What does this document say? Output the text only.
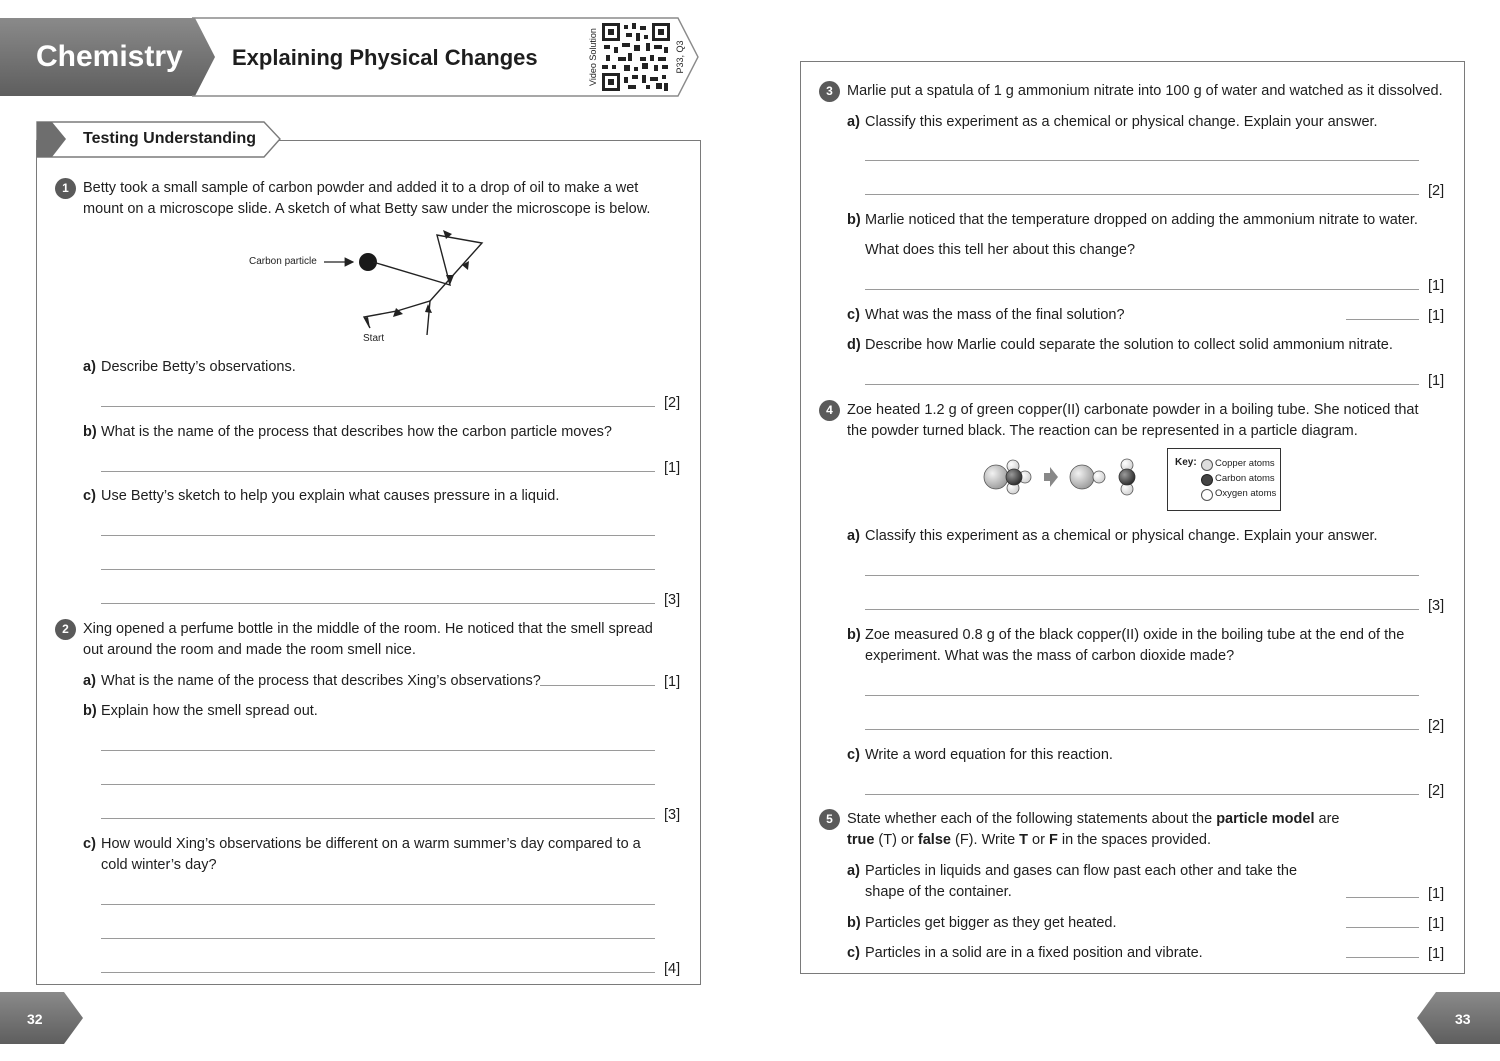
Chemistry Explaining Physical Changes	Video Solution	P33, Q3
Testing Understanding
1 Betty took a small sample of carbon powder and added it to a drop of oil to make a wet
mount on a microscope slide. A sketch of what Betty saw under the microscope is below.
Carbon particle
Start
a) Describe Betty’s observations.
[2]
b) What is the name of the process that describes how the carbon particle moves?
[1]
c) Use Betty’s sketch to help you explain what causes pressure in a liquid.
[3]
2 Xing opened a perfume bottle in the middle of the room. He noticed that the smell spread
out around the room and made the room smell nice.
a) What is the name of the process that describes Xing’s observations?	[1]
b) Explain how the smell spread out.
[3]
c) How would Xing’s observations be different on a warm summer’s day compared to a
cold winter’s day?
[4]
3 Marlie put a spatula of 1 g ammonium nitrate into 100 g of water and watched as it dissolved.
a) Classify this experiment as a chemical or physical change. Explain your answer.
[2]
b) Marlie noticed that the temperature dropped on adding the ammonium nitrate to water.
What does this tell her about this change?
[1]
c) What was the mass of the final solution?	[1]
d) Describe how Marlie could separate the solution to collect solid ammonium nitrate.
[1]
4 Zoe heated 1.2 g of green copper(II) carbonate powder in a boiling tube. She noticed that
the powder turned black. The reaction can be represented in a particle diagram.
Key: Copper atoms
Carbon atoms
Oxygen atoms
a) Classify this experiment as a chemical or physical change. Explain your answer.
[3]
b) Zoe measured 0.8 g of the black copper(II) oxide in the boiling tube at the end of the
experiment. What was the mass of carbon dioxide made?
[2]
c) Write a word equation for this reaction.
[2]
5 State whether each of the following statements about the particle model are
true (T) or false (F). Write T or F in the spaces provided.
a) Particles in liquids and gases can flow past each other and take the
shape of the container.	[1]
b) Particles get bigger as they get heated.	[1]
c) Particles in a solid are in a fixed position and vibrate.	[1]
32	33
